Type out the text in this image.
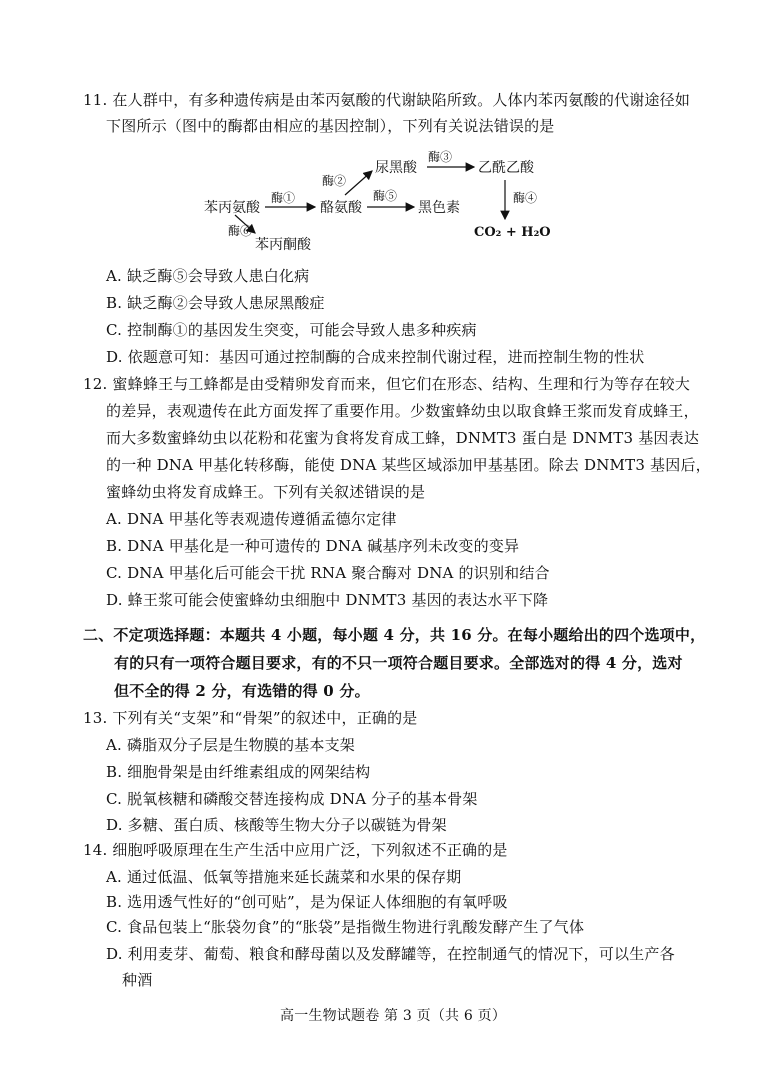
11. 在人群中，有多种遗传病是由苯丙氨酸的代谢缺陷所致。人体内苯丙氨酸的代谢途径如
下图所示（图中的酶都由相应的基因控制），下列有关说法错误的是
苯丙氨酸	酪氨酸
尿黑酸	乙酰乙酸
黑色素
苯丙酮酸
CO₂ + H₂O
酶①
酶②
酶③
酶⑤	酶④
酶⑥
A. 缺乏酶⑤会导致人患白化病
B. 缺乏酶②会导致人患尿黑酸症
C. 控制酶①的基因发生突变，可能会导致人患多种疾病
D. 依题意可知：基因可通过控制酶的合成来控制代谢过程，进而控制生物的性状
12. 蜜蜂蜂王与工蜂都是由受精卵发育而来，但它们在形态、结构、生理和行为等存在较大
的差异，表观遗传在此方面发挥了重要作用。少数蜜蜂幼虫以取食蜂王浆而发育成蜂王，
而大多数蜜蜂幼虫以花粉和花蜜为食将发育成工蜂，DNMT3 蛋白是 DNMT3 基因表达
的一种 DNA 甲基化转移酶，能使 DNA 某些区域添加甲基基团。除去 DNMT3 基因后，
蜜蜂幼虫将发育成蜂王。下列有关叙述错误的是
A. DNA 甲基化等表观遗传遵循孟德尔定律
B. DNA 甲基化是一种可遗传的 DNA 碱基序列未改变的变异
C. DNA 甲基化后可能会干扰 RNA 聚合酶对 DNA 的识别和结合
D. 蜂王浆可能会使蜜蜂幼虫细胞中 DNMT3 基因的表达水平下降
二、不定项选择题：本题共 4 小题，每小题 4 分，共 16 分。在每小题给出的四个选项中，
有的只有一项符合题目要求，有的不只一项符合题目要求。全部选对的得 4 分，选对
但不全的得 2 分，有选错的得 0 分。
13. 下列有关“支架”和“骨架”的叙述中，正确的是
A. 磷脂双分子层是生物膜的基本支架
B. 细胞骨架是由纤维素组成的网架结构
C. 脱氧核糖和磷酸交替连接构成 DNA 分子的基本骨架
D. 多糖、蛋白质、核酸等生物大分子以碳链为骨架
14. 细胞呼吸原理在生产生活中应用广泛，下列叙述不正确的是
A. 通过低温、低氧等措施来延长蔬菜和水果的保存期
B. 选用透气性好的“创可贴”，是为保证人体细胞的有氧呼吸
C. 食品包装上“胀袋勿食”的“胀袋”是指微生物进行乳酸发酵产生了气体
D. 利用麦芽、葡萄、粮食和酵母菌以及发酵罐等，在控制通气的情况下，可以生产各
种酒
高一生物试题卷 第 3 页（共 6 页）
